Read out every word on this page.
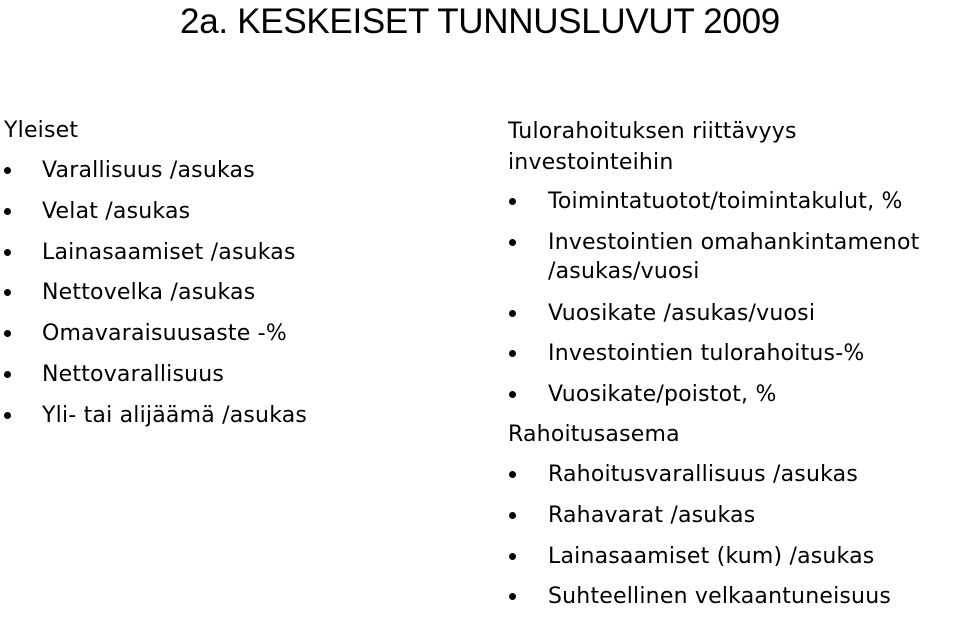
2a. KESKEISET TUNNUSLUVUT 2009
Yleiset
Varallisuus /asukas
Velat /asukas
Lainasaamiset /asukas
Nettovelka /asukas
Omavaraisuusaste -%
Nettovarallisuus
Yli- tai alijäämä /asukas
Tulorahoituksen riittävyys investointeihin
Toimintatuotot/toimintakulut, %
Investointien omahankintamenot /asukas/vuosi
Vuosikate /asukas/vuosi
Investointien tulorahoitus-%
Vuosikate/poistot, %
Rahoitusasema
Rahoitusvarallisuus /asukas
Rahavarat /asukas
Lainasaamiset (kum) /asukas
Suhteellinen velkaantuneisuus
